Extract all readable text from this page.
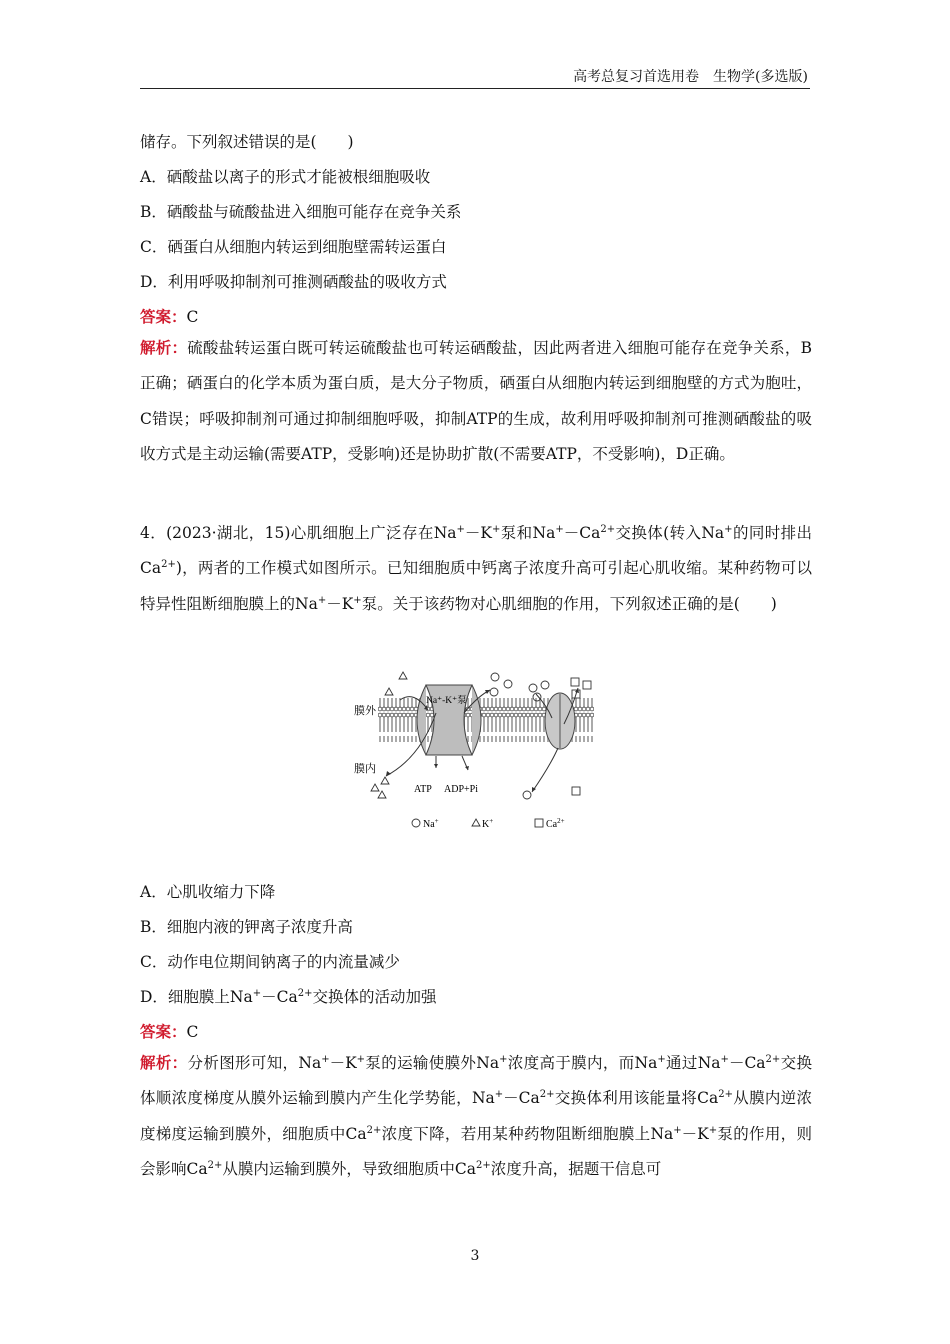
高考总复习首选用卷　生物学(多选版)

储存。下列叙述错误的是(　　)

A．硒酸盐以离子的形式才能被根细胞吸收

B．硒酸盐与硫酸盐进入细胞可能存在竞争关系

C．硒蛋白从细胞内转运到细胞壁需转运蛋白

D．利用呼吸抑制剂可推测硒酸盐的吸收方式

答案：C

解析：硫酸盐转运蛋白既可转运硫酸盐也可转运硒酸盐，因此两者进入细胞可能存在竞争关系，B正确；硒蛋白的化学本质为蛋白质，是大分子物质，硒蛋白从细胞内转运到细胞壁的方式为胞吐，C错误；呼吸抑制剂可通过抑制细胞呼吸，抑制ATP的生成，故利用呼吸抑制剂可推测硒酸盐的吸收方式是主动运输(需要ATP，受影响)还是协助扩散(不需要ATP，不受影响)，D正确。

4．(2023·湖北，15)心肌细胞上广泛存在Na+－K+泵和$Na^+-Ca^{2+}$交换体(转入Na+的同时排出$Ca^{2+}$)，两者的工作模式如图所示。已知细胞质中钙离子浓度升高可引起心肌收缩。某种药物可以特异性阻断细胞膜上的Na+－K+泵。关于该药物对心肌细胞的作用，下列叙述正确的是(　　)

膜外
膜内
Na⁺-K⁺泵
ATP ADP+Pi
Na+	K+	$Ca^{2+}$

A．心肌收缩力下降

B．细胞内液的钾离子浓度升高

C．动作电位期间钠离子的内流量减少

D．细胞膜上$Na^+-Ca^{2+}$交换体的活动加强

答案：C

解析：分析图形可知，Na+－K+泵的运输使膜外Na+浓度高于膜内，而Na+通过$Na^+-Ca^{2+}$交换体顺浓度梯度从膜外运输到膜内产生化学势能，$Na^+-Ca^{2+}$交换体利用该能量将$Ca^{2+}$从膜内逆浓度梯度运输到膜外，细胞质中$Ca^{2+}$浓度下降，若用某种药物阻断细胞膜上Na+－K+泵的作用，则会影响$Ca^{2+}$从膜内运输到膜外，导致细胞质中$Ca^{2+}$浓度升高，据题干信息可

3
